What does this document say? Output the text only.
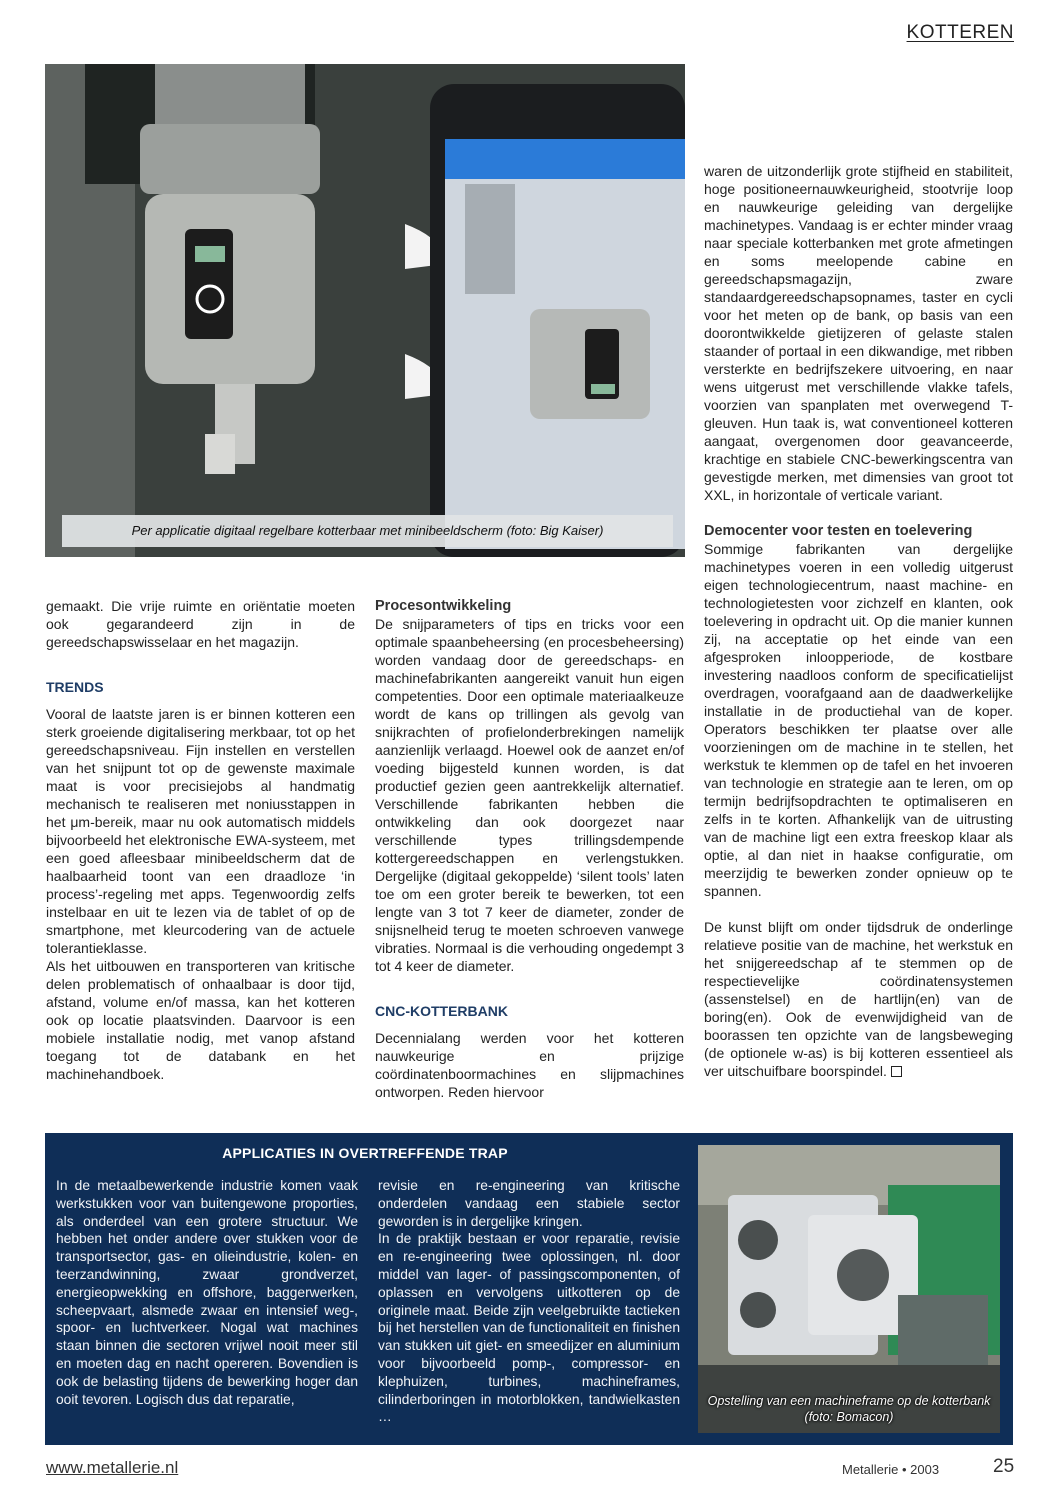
KOTTEREN
Per applicatie digitaal regelbare kotterbaar met minibeeldscherm (foto: Big Kaiser)

gemaakt. Die vrije ruimte en oriëntatie moeten ook gegarandeerd zijn in de gereedschapswisselaar en het magazijn.

TRENDS

Vooral de laatste jaren is er binnen kotteren een sterk groeiende digitalisering merkbaar, tot op het gereedschapsniveau. Fijn instellen en verstellen van het snijpunt tot op de gewenste maximale maat is voor precisiejobs al handmatig mechanisch te realiseren met noniusstappen in het μm-bereik, maar nu ook automatisch middels bijvoorbeeld het elektronische EWA-systeem, met een goed afleesbaar minibeeldscherm dat de haalbaarheid toont van een draadloze ‘in process’-regeling met apps. Tegenwoordig zelfs instelbaar en uit te lezen via de tablet of op de smartphone, met kleurcodering van de actuele tolerantieklasse.

Als het uitbouwen en transporteren van kritische delen problematisch of onhaalbaar is door tijd, afstand, volume en/of massa, kan het kotteren ook op locatie plaatsvinden. Daarvoor is een mobiele installatie nodig, met vanop afstand toegang tot de databank en het machinehandboek.

Procesontwikkeling

De snijparameters of tips en tricks voor een optimale spaanbeheersing (en procesbeheersing) worden vandaag door de gereedschaps- en machinefabrikanten aangereikt vanuit hun eigen competenties. Door een optimale materiaalkeuze wordt de kans op trillingen als gevolg van snijkrachten of profielonderbrekingen namelijk aanzienlijk verlaagd. Hoewel ook de aanzet en/of voeding bijgesteld kunnen worden, is dat productief gezien geen aantrekkelijk alternatief. Verschillende fabrikanten hebben die ontwikkeling dan ook doorgezet naar verschillende types trillingsdempende kottergereedschappen en verlengstukken. Dergelijke (digitaal gekoppelde) ‘silent tools’ laten toe om een groter bereik te bewerken, tot een lengte van 3 tot 7 keer de diameter, zonder de snijsnelheid terug te moeten schroeven vanwege vibraties. Normaal is die verhouding ongedempt 3 tot 4 keer de diameter.

CNC-KOTTERBANK

Decennialang werden voor het kotteren nauwkeurige en prijzige coördinatenboormachines en slijpmachines ontworpen. Reden hiervoor

waren de uitzonderlijk grote stijfheid en stabiliteit, hoge positioneernauwkeurigheid, stootvrije loop en nauwkeurige geleiding van dergelijke machinetypes. Vandaag is er echter minder vraag naar speciale kotterbanken met grote afmetingen en soms meelopende cabine en gereedschapsmagazijn, zware standaardgereedschapsopnames, taster en cycli voor het meten op de bank, op basis van een doorontwikkelde gietijzeren of gelaste stalen staander of portaal in een dikwandige, met ribben versterkte en bedrijfszekere uitvoering, en naar wens uitgerust met verschillende vlakke tafels, voorzien van spanplaten met overwegend T-gleuven. Hun taak is, wat conventioneel kotteren aangaat, overgenomen door geavanceerde, krachtige en stabiele CNC-bewerkingscentra van gevestigde merken, met dimensies van groot tot XXL, in horizontale of verticale variant.

Democenter voor testen en toelevering

Sommige fabrikanten van dergelijke machinetypes voeren in een volledig uitgerust eigen technologiecentrum, naast machine- en technologietesten voor zichzelf en klanten, ook toelevering in opdracht uit. Op die manier kunnen zij, na acceptatie op het einde van een afgesproken inloopperiode, de kostbare investering naadloos conform de specificatielijst overdragen, voorafgaand aan de daadwerkelijke installatie in de productiehal van de koper. Operators beschikken ter plaatse over alle voorzieningen om de machine in te stellen, het werkstuk te klemmen op de tafel en het invoeren van technologie en strategie aan te leren, om op termijn bedrijfsopdrachten te optimaliseren en zelfs in te korten. Afhankelijk van de uitrusting van de machine ligt een extra freeskop klaar als optie, al dan niet in haakse configuratie, om meerzijdig te bewerken zonder opnieuw op te spannen.

De kunst blijft om onder tijdsdruk de onderlinge relatieve positie van de machine, het werkstuk en het snijgereedschap af te stemmen op de respectievelijke coördinatensystemen (assenstelsel) en de hartlijn(en) van de boring(en). Ook de evenwijdigheid van de boorassen ten opzichte van de langsbeweging (de optionele w-as) is bij kotteren essentieel als ver uitschuifbare boorspindel.

APPLICATIES IN OVERTREFFENDE TRAP

In de metaalbewerkende industrie komen vaak werkstukken voor van buitengewone proporties, als onderdeel van een grotere structuur. We hebben het onder andere over stukken voor de transportsector, gas- en olieindustrie, kolen- en teerzandwinning, zwaar grondverzet, energieopwekking en offshore, baggerwerken, scheepvaart, alsmede zwaar en intensief weg-, spoor- en luchtverkeer. Nogal wat machines staan binnen die sectoren vrijwel nooit meer stil en moeten dag en nacht opereren. Bovendien is ook de belasting tijdens de bewerking hoger dan ooit tevoren. Logisch dus dat reparatie,

revisie en re-engineering van kritische onderdelen vandaag een stabiele sector geworden is in dergelijke kringen.

In de praktijk bestaan er voor reparatie, revisie en re-engineering twee oplossingen, nl. door middel van lager- of passingscomponenten, of oplassen en vervolgens uitkotteren op de originele maat. Beide zijn veelgebruikte tactieken bij het herstellen van de functionaliteit en finishen van stukken uit giet- en smeedijzer en aluminium voor bijvoorbeeld pomp-, compressor- en klephuizen, turbines, machineframes, cilinderboringen in motorblokken, tandwielkasten …

Opstelling van een machineframe op de kotterbank (foto: Bomacon)
www.metallerie.nl	Metallerie • 2003	25
